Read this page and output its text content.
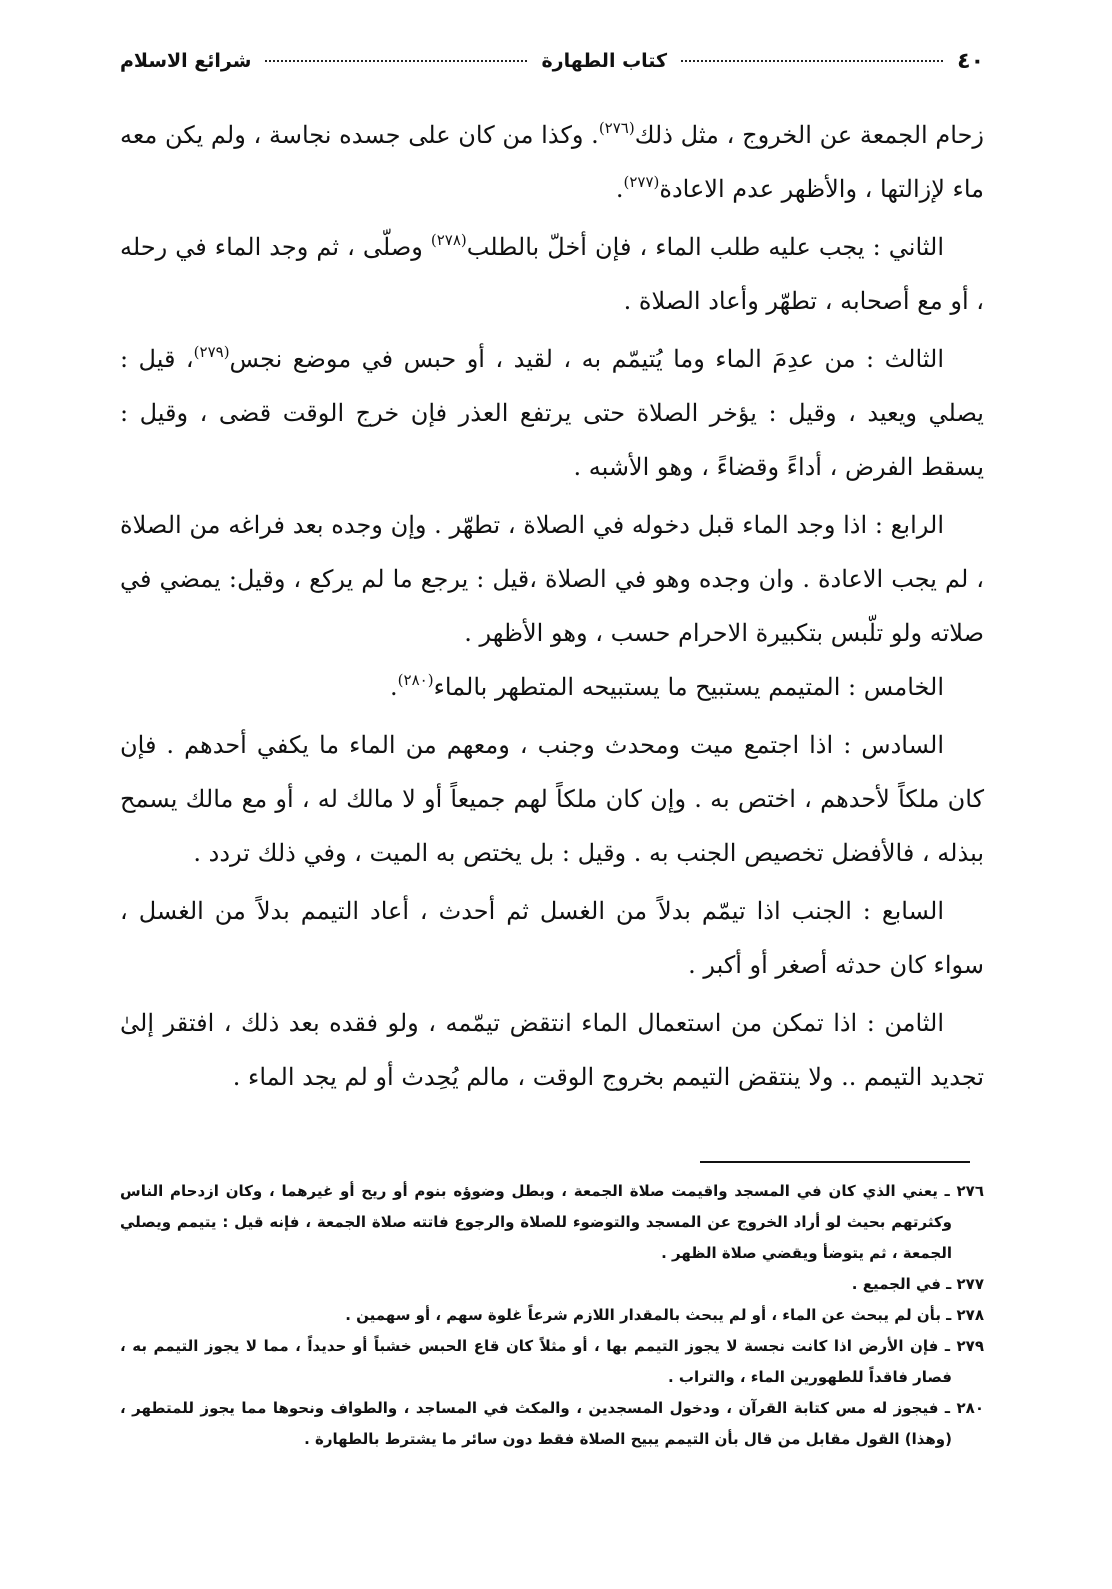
٤٠
كتاب الطهارة
شرائع الاسلام

زحام الجمعة عن الخروج ، مثل ذلك$^{(٢٧٦)}$. وكذا من كان على جسده نجاسة ، ولم يكن معه ماء لإزالتها ، والأظهر عدم الاعادة$^{(٢٧٧)}$.

الثاني : يجب عليه طلب الماء ، فإن أخلّ بالطلب$^{(٢٧٨)}$ وصلّى ، ثم وجد الماء في رحله ، أو مع أصحابه ، تطهّر وأعاد الصلاة .

الثالث : من عدِمَ الماء وما يُتيمّم به ، لقيد ، أو حبس في موضع نجس$^{(٢٧٩)}$، قيل : يصلي ويعيد ، وقيل : يؤخر الصلاة حتى يرتفع العذر فإن خرج الوقت قضى ، وقيل : يسقط الفرض ، أداءً وقضاءً ، وهو الأشبه .

الرابع : اذا وجد الماء قبل دخوله في الصلاة ، تطهّر . وإن وجده بعد فراغه من الصلاة ، لم يجب الاعادة . وان وجده وهو في الصلاة ،قيل : يرجع ما لم يركع ، وقيل: يمضي في صلاته ولو تلّبس بتكبيرة الاحرام حسب ، وهو الأظهر .

الخامس : المتيمم يستبيح ما يستبيحه المتطهر بالماء$^{(٢٨٠)}$.

السادس : اذا اجتمع ميت ومحدث وجنب ، ومعهم من الماء ما يكفي أحدهم . فإن كان ملكاً لأحدهم ، اختص به . وإن كان ملكاً لهم جميعاً أو لا مالك له ، أو مع مالك يسمح ببذله ، فالأفضل تخصيص الجنب به . وقيل : بل يختص به الميت ، وفي ذلك تردد .

السابع : الجنب اذا تيمّم بدلاً من الغسل ثم أحدث ، أعاد التيمم بدلاً من الغسل ، سواء كان حدثه أصغر أو أكبر .

الثامن : اذا تمكن من استعمال الماء انتقض تيمّمه ، ولو فقده بعد ذلك ، افتقر إلىٰ تجديد التيمم .. ولا ينتقض التيمم بخروج الوقت ، مالم يُحِدث أو لم يجد الماء .

٢٧٦ ـ يعني الذي كان في المسجد واقيمت صلاة الجمعة ، وبطل وضوؤه بنوم أو ريح أو غيرهما ، وكان ازدحام الناس وكثرتهم بحيث لو أراد الخروج عن المسجد والتوضوء للصلاة والرجوع فاتته صلاة الجمعة ، فإنه قيل : يتيمم ويصلي الجمعة ، ثم يتوضأ ويقضي صلاة الظهر .

٢٧٧ ـ في الجميع .

٢٧٨ ـ بأن لم يبحث عن الماء ، أو لم يبحث بالمقدار اللازم شرعاً غلوة سهم ، أو سهمين .

٢٧٩ ـ فإن الأرض اذا كانت نجسة لا يجوز التيمم بها ، أو مثلاً كان قاع الحبس خشباً أو حديداً ، مما لا يجوز التيمم به ، فصار فاقداً للطهورين الماء ، والتراب .

٢٨٠ ـ فيجوز له مس كتابة القرآن ، ودخول المسجدين ، والمكث في المساجد ، والطواف ونحوها مما يجوز للمتطهر ، (وهذا) القول مقابل من قال بأن التيمم يبيح الصلاة فقط دون سائر ما يشترط بالطهارة .
